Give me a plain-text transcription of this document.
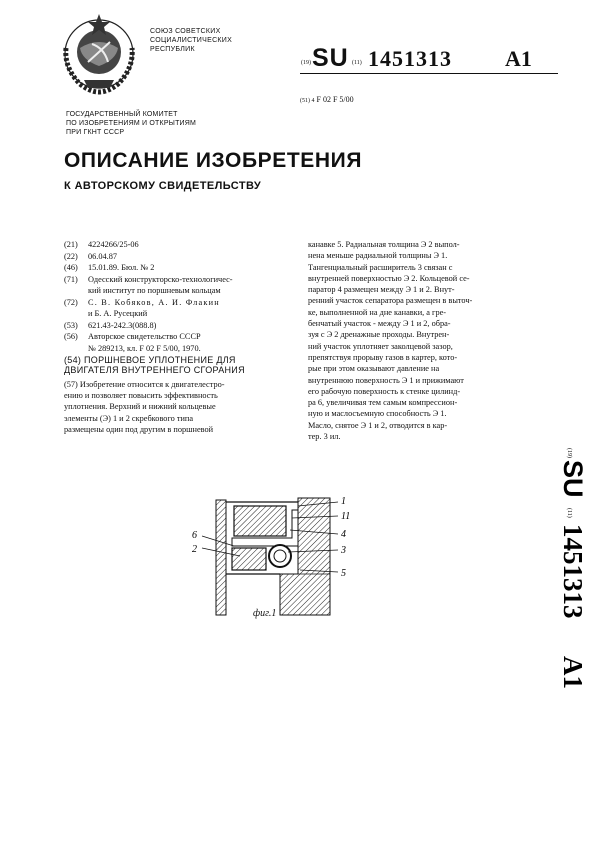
СОЮЗ СОВЕТСКИХ
СОЦИАЛИСТИЧЕСКИХ
РЕСПУБЛИК
(19) SU (11) 1451313 A1
(51) 4 F 02 F 5/00
ГОСУДАРСТВЕННЫЙ КОМИТЕТ
ПО ИЗОБРЕТЕНИЯМ И ОТКРЫТИЯМ
ПРИ ГКНТ СССР
ОПИСАНИЕ ИЗОБРЕТЕНИЯ
К АВТОРСКОМУ СВИДЕТЕЛЬСТВУ
(21)	4224266/25-06
(22)	06.04.87
(46)	15.01.89. Бюл. № 2
(71)	Одесский конструкторско-технологичес-
кий институт по поршневым кольцам
(72)	С. В. Кобяков, А. И. Флакин
и Б. А. Русецкий
(53)	621.43-242.3(088.8)
(56)	Авторское свидетельство СССР
№ 289213, кл. F 02 F 5/00, 1970.
(54) ПОРШНЕВОЕ УПЛОТНЕНИЕ ДЛЯ
ДВИГАТЕЛЯ ВНУТРЕННЕГО СГОРАНИЯ
(57) Изобретение относится к двигателестро-
ению и позволяет повысить эффективность
уплотнения. Верхний и нижний кольцевые
элементы (Э) 1 и 2 скребкового типа
размещены один под другим в поршневой
канавке 5. Радиальная толщина Э 2 выпол-
нена меньше радиальной толщины Э 1.
Тангенциальный расширитель 3 связан с
внутренней поверхностью Э 2. Кольцевой се-
паратор 4 размещен между Э 1 и 2. Внут-
ренний участок сепаратора размещен в выточ-
ке, выполненной на дне канавки, а гре-
бенчатый участок - между Э 1 и 2, обра-
зуя с Э 2 дренажные проходы. Внутрен-
ний участок уплотняет заколцевой зазор,
препятствуя прорыву газов в картер, кото-
рые при этом оказывают давление на
внутреннюю поверхность Э 1 и прижимают
его рабочую поверхность к стенке цилинд-
ра 6, увеличивая тем самым компрессион-
ную и маслосъемную способность Э 1.
Масло, снятое Э 1 и 2, отводится в кар-
тер. 3 ил.
(19)
SU
(11)
1451313
A1
1
11
4
3
5
6
2
фиг.1
